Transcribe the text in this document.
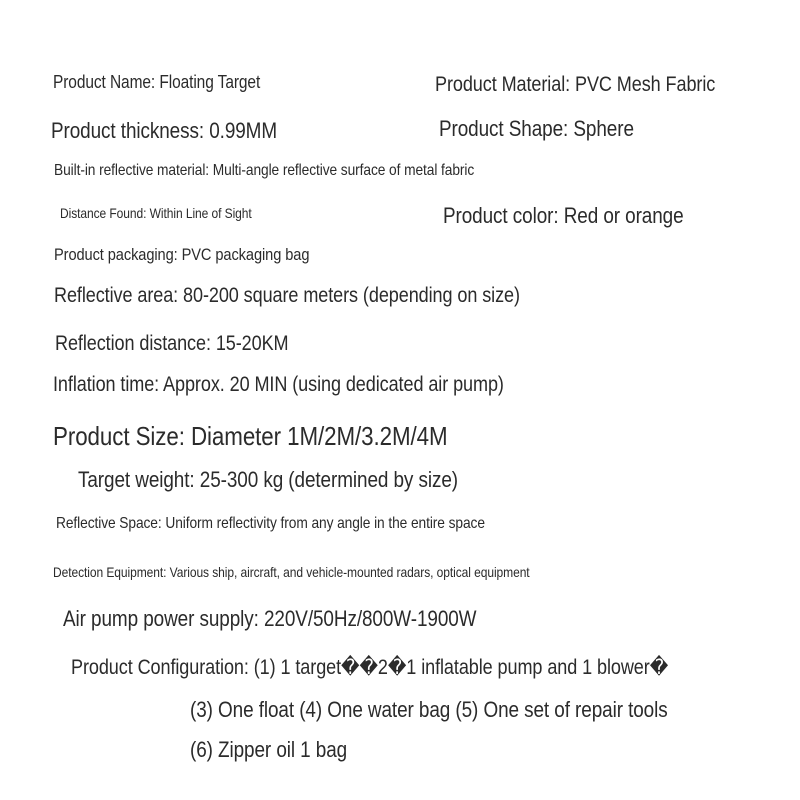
Product Name: Floating Target	Product Material: PVC Mesh Fabric
Product thickness: 0.99MM	Product Shape: Sphere
Built-in reflective material: Multi-angle reflective surface of metal fabric
Distance Found: Within Line of Sight	Product color: Red or orange
Product packaging: PVC packaging bag
Reflective area: 80-200 square meters (depending on size)
Reflection distance: 15-20KM
Inflation time: Approx. 20 MIN (using dedicated air pump)
Product Size: Diameter 1M/2M/3.2M/4M
Target weight: 25-300 kg (determined by size)
Reflective Space: Uniform reflectivity from any angle in the entire space
Detection Equipment: Various ship, aircraft, and vehicle-mounted radars, optical equipment
Air pump power supply: 220V/50Hz/800W-1900W
Product Configuration: (1) 1 target��2�1 inflatable pump and 1 blower�
(3) One float (4) One water bag (5) One set of repair tools
(6) Zipper oil 1 bag
